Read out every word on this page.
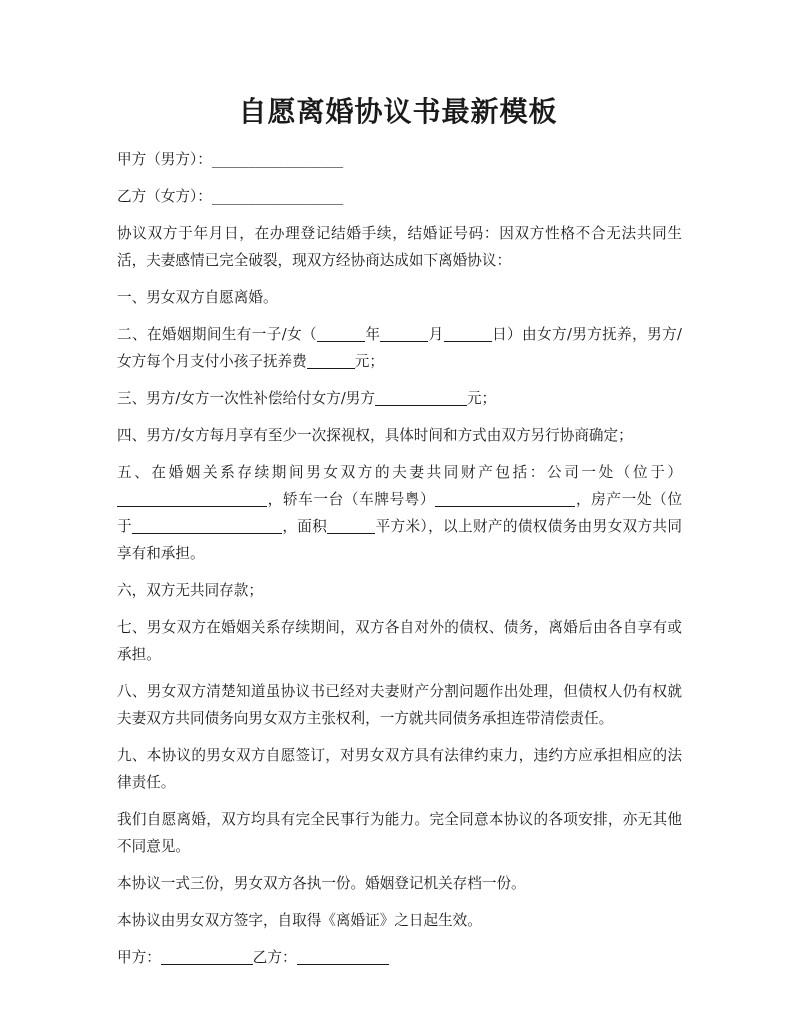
自愿离婚协议书最新模板

甲方（男方）：__________________

乙方（女方）：__________________

协议双方于年月日，在办理登记结婚手续，结婚证号码：因双方性格不合无法共同生活，夫妻感情已完全破裂，现双方经协商达成如下离婚协议：

一、男女双方自愿离婚。

二、在婚姻期间生有一子/女（	年	月	日）由女方/男方抚养，男方/女方每个月支付小孩子抚养费	元；

三、男方/女方一次性补偿给付女方/男方	元；

四、男方/女方每月享有至少一次探视权，具体时间和方式由双方另行协商确定；

五、在婚姻关系存续期间男女双方的夫妻共同财产包括：公司一处（位于），轿车一台（车牌号粤）	，房产一处（位于	，面积	平方米），以上财产的债权债务由男女双方共同享有和承担。

六，双方无共同存款；

七、男女双方在婚姻关系存续期间，双方各自对外的债权、债务，离婚后由各自享有或承担。

八、男女双方清楚知道虽协议书已经对夫妻财产分割问题作出处理，但债权人仍有权就夫妻双方共同债务向男女双方主张权利，一方就共同债务承担连带清偿责任。

九、本协议的男女双方自愿签订，对男女双方具有法律约束力，违约方应承担相应的法律责任。

我们自愿离婚，双方均具有完全民事行为能力。完全同意本协议的各项安排，亦无其他不同意见。

本协议一式三份，男女双方各执一份。婚姻登记机关存档一份。

本协议由男女双方签字，自取得《离婚证》之日起生效。

甲方：	乙方：
